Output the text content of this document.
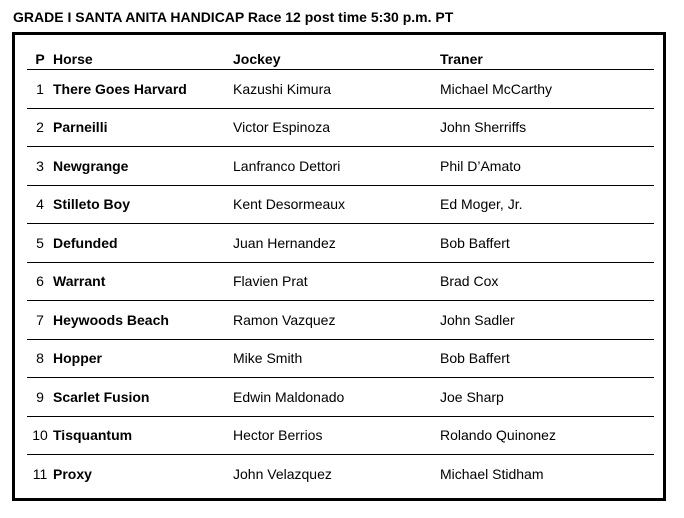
GRADE I SANTA ANITA HANDICAP Race 12 post time 5:30 p.m. PT
P	Horse	Jockey	Traner
1	There Goes Harvard	Kazushi Kimura	Michael McCarthy
2	Parneilli	Victor Espinoza	John Sherriffs
3	Newgrange	Lanfranco Dettori	Phil D’Amato
4	Stilleto Boy	Kent Desormeaux	Ed Moger, Jr.
5	Defunded	Juan Hernandez	Bob Baffert
6	Warrant	Flavien Prat	Brad Cox
7	Heywoods Beach	Ramon Vazquez	John Sadler
8	Hopper	Mike Smith	Bob Baffert
9	Scarlet Fusion	Edwin Maldonado	Joe Sharp
10	Tisquantum	Hector Berrios	Rolando Quinonez
11	Proxy	John Velazquez	Michael Stidham
